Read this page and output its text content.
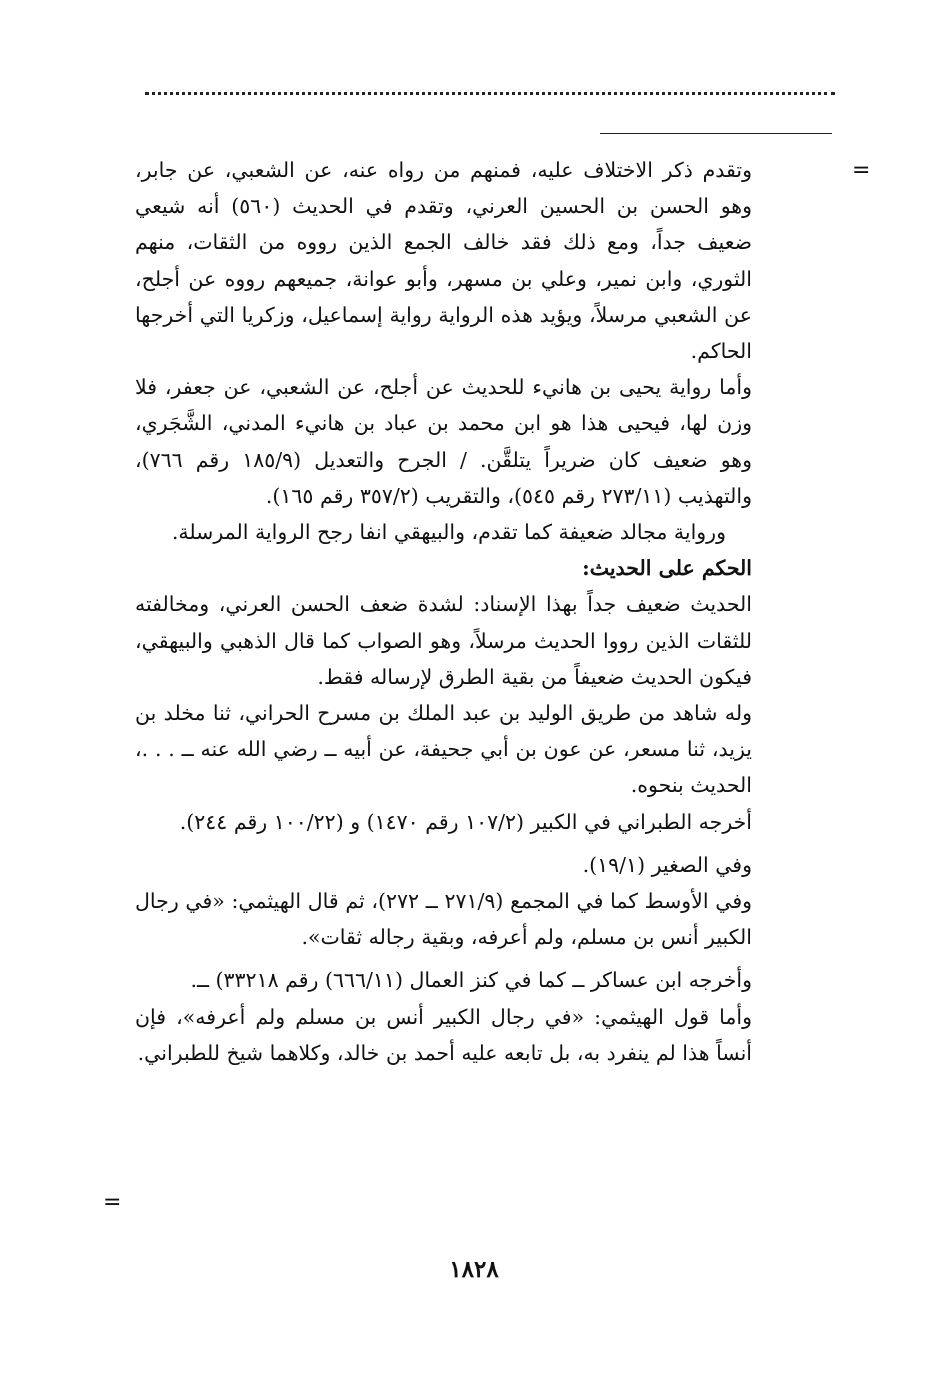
=

وتقدم ذكر الاختلاف عليه، فمنهم من رواه عنه، عن الشعبي، عن جابر، وهو الحسن بن الحسين العرني، وتقدم في الحديث (٥٦٠) أنه شيعي ضعيف جداً، ومع ذلك فقد خالف الجمع الذين رووه من الثقات، منهم الثوري، وابن نمير، وعلي بن مسهر، وأبو عوانة، جميعهم رووه عن أجلح، عن الشعبي مرسلاً، ويؤيد هذه الرواية رواية إسماعيل، وزكريا التي أخرجها الحاكم.

وأما رواية يحيى بن هانيء للحديث عن أجلح، عن الشعبي، عن جعفر، فلا وزن لها، فيحيى هذا هو ابن محمد بن عباد بن هانيء المدني، الشَّجَري، وهو ضعيف كان ضريراً يتلقَّن. / الجرح والتعديل (١٨٥/٩ رقم ٧٦٦)، والتهذيب (٢٧٣/١١ رقم ٥٤٥)، والتقريب (٣٥٧/٢ رقم ١٦٥).

ورواية مجالد ضعيفة كما تقدم، والبيهقي انفا رجح الرواية المرسلة.

الحكم على الحديث:

الحديث ضعيف جداً بهذا الإسناد: لشدة ضعف الحسن العرني، ومخالفته للثقات الذين رووا الحديث مرسلاً، وهو الصواب كما قال الذهبي والبيهقي، فيكون الحديث ضعيفاً من بقية الطرق لإرساله فقط.

وله شاهد من طريق الوليد بن عبد الملك بن مسرح الحراني، ثنا مخلد بن يزيد، ثنا مسعر، عن عون بن أبي جحيفة، عن أبيه ــ رضي الله عنه ــ . . .، الحديث بنحوه.

أخرجه الطبراني في الكبير (١٠٧/٢ رقم ١٤٧٠) و (١٠٠/٢٢ رقم ٢٤٤).

وفي الصغير (١٩/١).

وفي الأوسط كما في المجمع (٢٧١/٩ ــ ٢٧٢)، ثم قال الهيثمي: «في رجال الكبير أنس بن مسلم، ولم أعرفه، وبقية رجاله ثقات».

وأخرجه ابن عساكر ــ كما في كنز العمال (٦٦٦/١١) رقم ٣٣٢١٨) ــ.

وأما قول الهيثمي: «في رجال الكبير أنس بن مسلم ولم أعرفه»، فإن أنساً هذا لم ينفرد به، بل تابعه عليه أحمد بن خالد، وكلاهما شيخ للطبراني.

=
١٨٢٨
